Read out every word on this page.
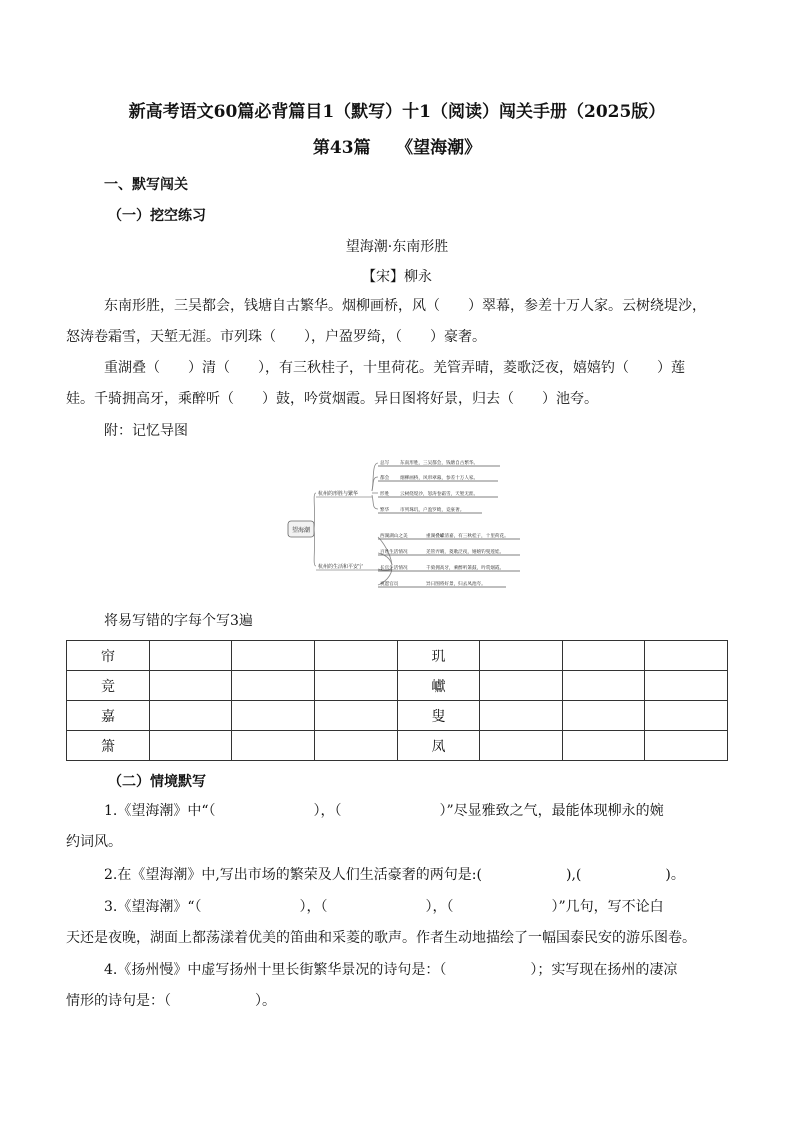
新高考语文60篇必背篇目1（默写）十1（阅读）闯关手册（2025版）
第43篇　　《望海潮》
一、默写闯关
（一）挖空练习
望海潮·东南形胜
【宋】柳永
东南形胜，三吴都会，钱塘自古繁华。烟柳画桥，风（　　）翠幕，参差十万人家。云树绕堤沙，
怒涛卷霜雪，天堑无涯。市列珠（　　），户盈罗绮，（　　）豪奢。
重湖叠（　　）清（　　），有三秋桂子，十里荷花。羌管弄晴，菱歌泛夜，嬉嬉钓（　　）莲
娃。千骑拥高牙，乘醉听（　　）鼓，吟赏烟霞。异日图将好景，归去（　　）池夸。
附：记忆导图
望海潮
杭州的形胜与繁华
杭州的生活和平安宁
总写 东南形胜，三吴都会，钱塘自古繁华。
都会 烟柳画桥，风帘翠幕，参差十万人家。
形胜 云树绕堤沙，怒涛卷霜雪，天堑无涯。
繁华 市列珠玑，户盈罗绮，竞豪奢。
西湖湖山之美	重湖叠巘清嘉，有三秋桂子，十里荷花。
百姓生活情况	羌管弄晴，菱歌泛夜，嬉嬉钓叟莲娃。
长官生活情况	千骑拥高牙，乘醉听箫鼓，吟赏烟霞。
祝愿官员	异日图将好景，归去凤池夸。
将易写错的字每个写3遍
帘				玑			
竞				巘			
嘉				叟			
箫				凤			
（二）情境默写
1.《望海潮》中“（　　　　　　　），（　　　　　　　）”尽显雅致之气，最能体现柳永的婉
约词风。
2.在《望海潮》中,写出市场的繁荣及人们生活豪奢的两句是:(　　　　　　),(　　　　　　)。
3.《望海潮》“（　　　　　　　），（　　　　　　　），（　　　　　　　）”几句，写不论白
天还是夜晚，湖面上都荡漾着优美的笛曲和采菱的歌声。作者生动地描绘了一幅国泰民安的游乐图卷。
4.《扬州慢》中虚写扬州十里长街繁华景况的诗句是：（　　　　　　）；实写现在扬州的凄凉
情形的诗句是：（　　　　　　）。
